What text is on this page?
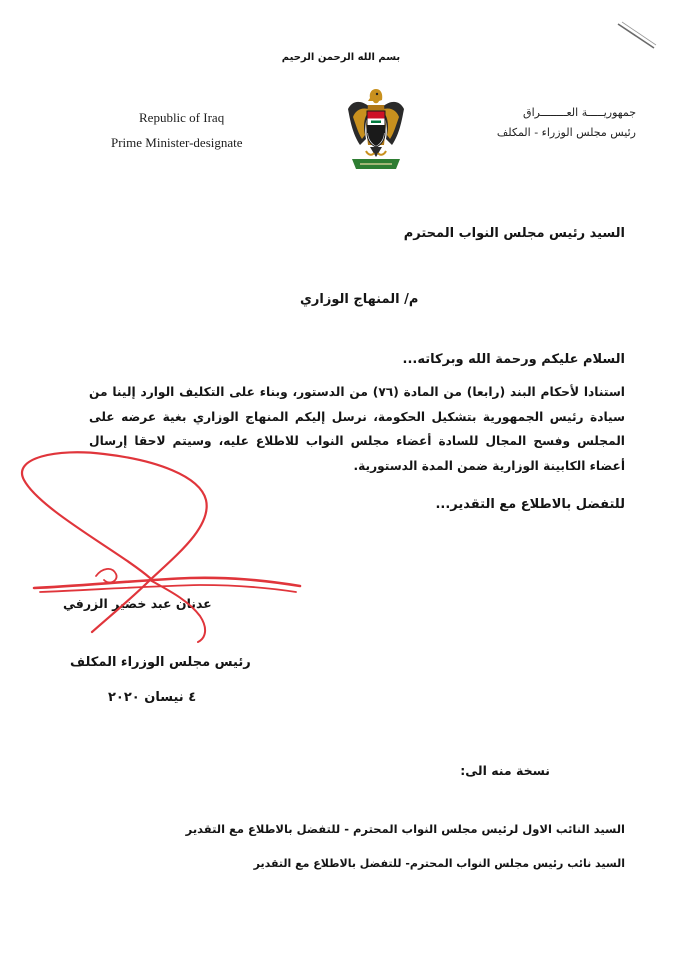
بسم الله الرحمن الرحيم
Republic of Iraq
Prime Minister-designate
جمهوريـــــة العــــــــراق
رئيس مجلس الوزراء - المكلف
السيد رئيس مجلس النواب المحترم
م/ المنهاج الوزاري
السلام عليكم ورحمة الله وبركاته...
استنادا لأحكام البند (رابعا) من المادة (٧٦) من الدستور، وبناء على التكليف الوارد إلينا من سيادة رئيس الجمهورية بتشكيل الحكومة، نرسل إليكم المنهاج الوزاري بغية عرضه على المجلس وفسح المجال للسادة أعضاء مجلس النواب للاطلاع عليه، وسيتم لاحقا إرسال أعضاء الكابينة الوزارية ضمن المدة الدستورية.
للتفضل بالاطلاع مع التقدير...
عدنان عبد خضير الزرفي
رئيس مجلس الوزراء المكلف
٤ نيسان ٢٠٢٠
نسخة منه الى:
السيد النائب الاول لرئيس مجلس النواب المحترم - للتفضل بالاطلاع مع التقدير
السيد نائب رئيس مجلس النواب المحترم- للتفضل بالاطلاع مع التقدير
